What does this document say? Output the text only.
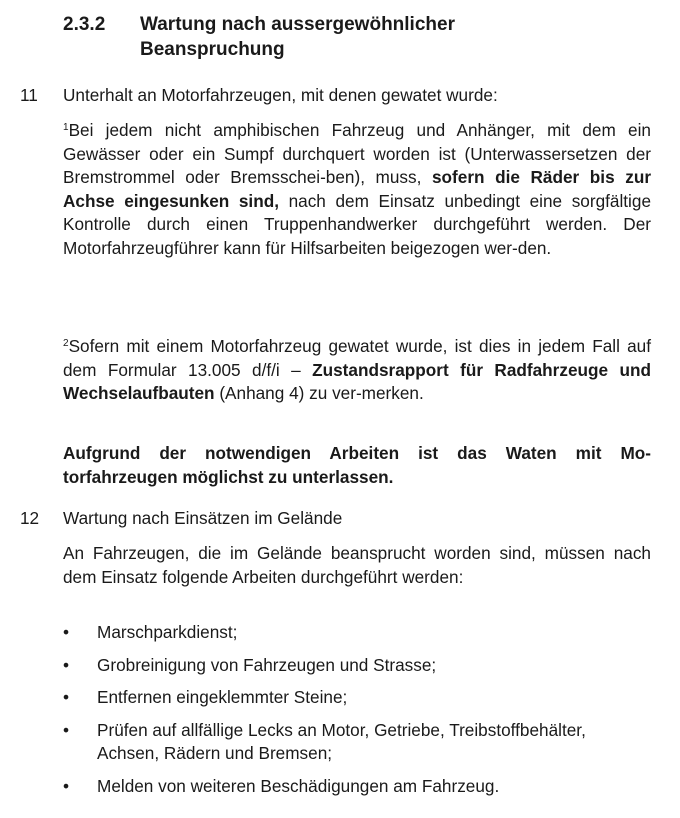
2.3.2 Wartung nach aussergewöhnlicher
Beanspruchung
11 Unterhalt an Motorfahrzeugen, mit denen gewatet wurde:

$^1$Bei jedem nicht amphibischen Fahrzeug und Anhänger, mit dem ein Gewässer oder ein Sumpf durchquert worden ist (Unterwassersetzen der Bremstrommel oder Bremsschei-ben), muss, sofern die Räder bis zur Achse eingesunken sind, nach dem Einsatz unbedingt eine sorgfältige Kontrolle durch einen Truppenhandwerker durchgeführt werden. Der Motorfahrzeugführer kann für Hilfsarbeiten beigezogen wer-den.

$^2$Sofern mit einem Motorfahrzeug gewatet wurde, ist dies in jedem Fall auf dem Formular 13.005 d/f/i – Zustandsrapport für Radfahrzeuge und Wechselaufbauten (Anhang 4) zu ver-merken.

Aufgrund der notwendigen Arbeiten ist das Waten mit Mo-torfahrzeugen möglichst zu unterlassen.

12 Wartung nach Einsätzen im Gelände

An Fahrzeugen, die im Gelände beansprucht worden sind, müssen nach dem Einsatz folgende Arbeiten durchgeführt werden:

•	Marschparkdienst;
•	Grobreinigung von Fahrzeugen und Strasse;
•	Entfernen eingeklemmter Steine;
•	Prüfen auf allfällige Lecks an Motor, Getriebe, Treibstoffbehälter, Achsen, Rädern und Bremsen;
•	Melden von weiteren Beschädigungen am Fahrzeug.
